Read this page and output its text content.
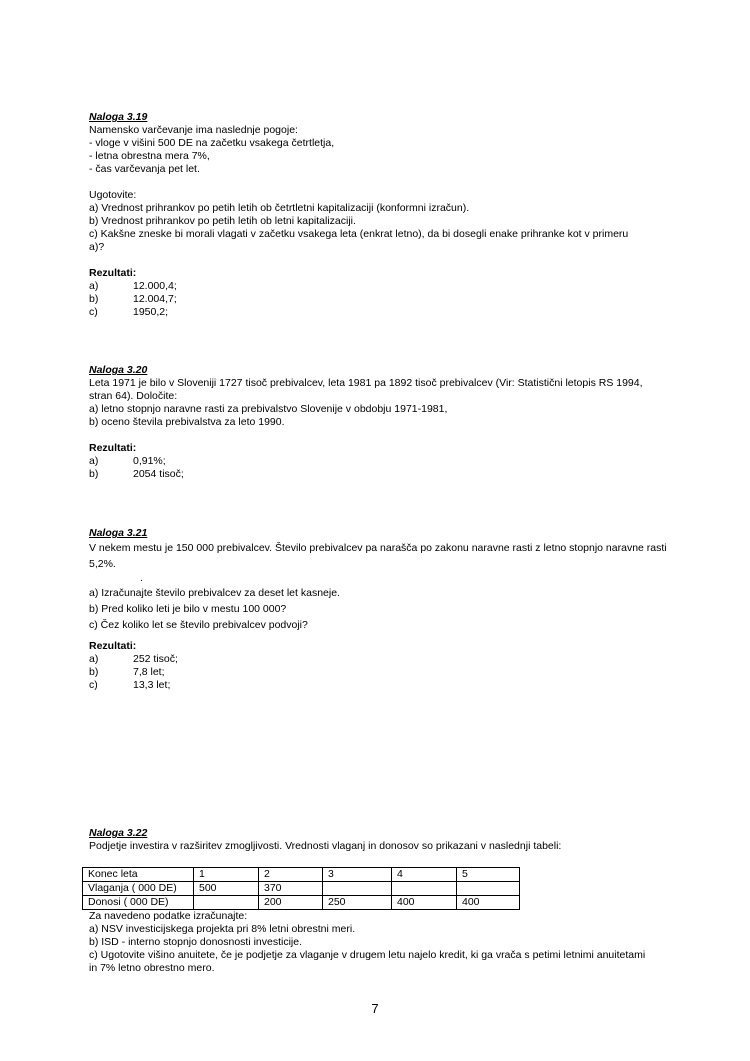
Naloga 3.19

Namensko varčevanje ima naslednje pogoje:

- vloge v višini 500 DE na začetku vsakega četrtletja,

- letna obrestna mera 7%,

- čas varčevanja pet let.

Ugotovite:

a) Vrednost prihrankov po petih letih ob četrtletni kapitalizaciji (konformni izračun).

b) Vrednost prihrankov po petih letih ob letni kapitalizaciji.

c) Kakšne zneske bi morali vlagati v začetku vsakega leta (enkrat letno), da bi dosegli enake prihranke kot v primeru

a)?

Rezultati:

a)	12.000,4;
b)	12.004,7;
c)	1950,2;

Naloga 3.20

Leta 1971 je bilo v Sloveniji 1727 tisoč prebivalcev, leta 1981 pa 1892 tisoč prebivalcev (Vir: Statistični letopis RS 1994,

stran 64). Določite:

a) letno stopnjo naravne rasti za prebivalstvo Slovenije v obdobju 1971-1981,

b) oceno števila prebivalstva za leto 1990.

Rezultati:

a)	0,91%;
b)	2054 tisoč;

Naloga 3.21

V nekem mestu je 150 000 prebivalcev. Število prebivalcev pa narašča po zakonu naravne rasti z letno stopnjo naravne rasti

5,2%.

.

a) Izračunajte število prebivalcev za deset let kasneje.

b) Pred koliko leti je bilo v mestu 100 000?

c) Čez koliko let se število prebivalcev podvoji?

Rezultati:

a)	252 tisoč;
b)	7,8 let;
c)	13,3 let;

Naloga 3.22

Podjetje investira v razširitev zmogljivosti. Vrednosti vlaganj in donosov so prikazani v naslednji tabeli:

Konec leta	1	2	3	4	5
Vlaganja ( 000 DE)	500	370			
Donosi ( 000 DE)		200	250	400	400

Za navedeno podatke izračunajte:

a) NSV investicijskega projekta pri 8% letni obrestni meri.

b) ISD - interno stopnjo donosnosti investicije.

c) Ugotovite višino anuitete, če je podjetje za vlaganje v drugem letu najelo kredit, ki ga vrača s petimi letnimi anuitetami

in 7% letno obrestno mero.

7
